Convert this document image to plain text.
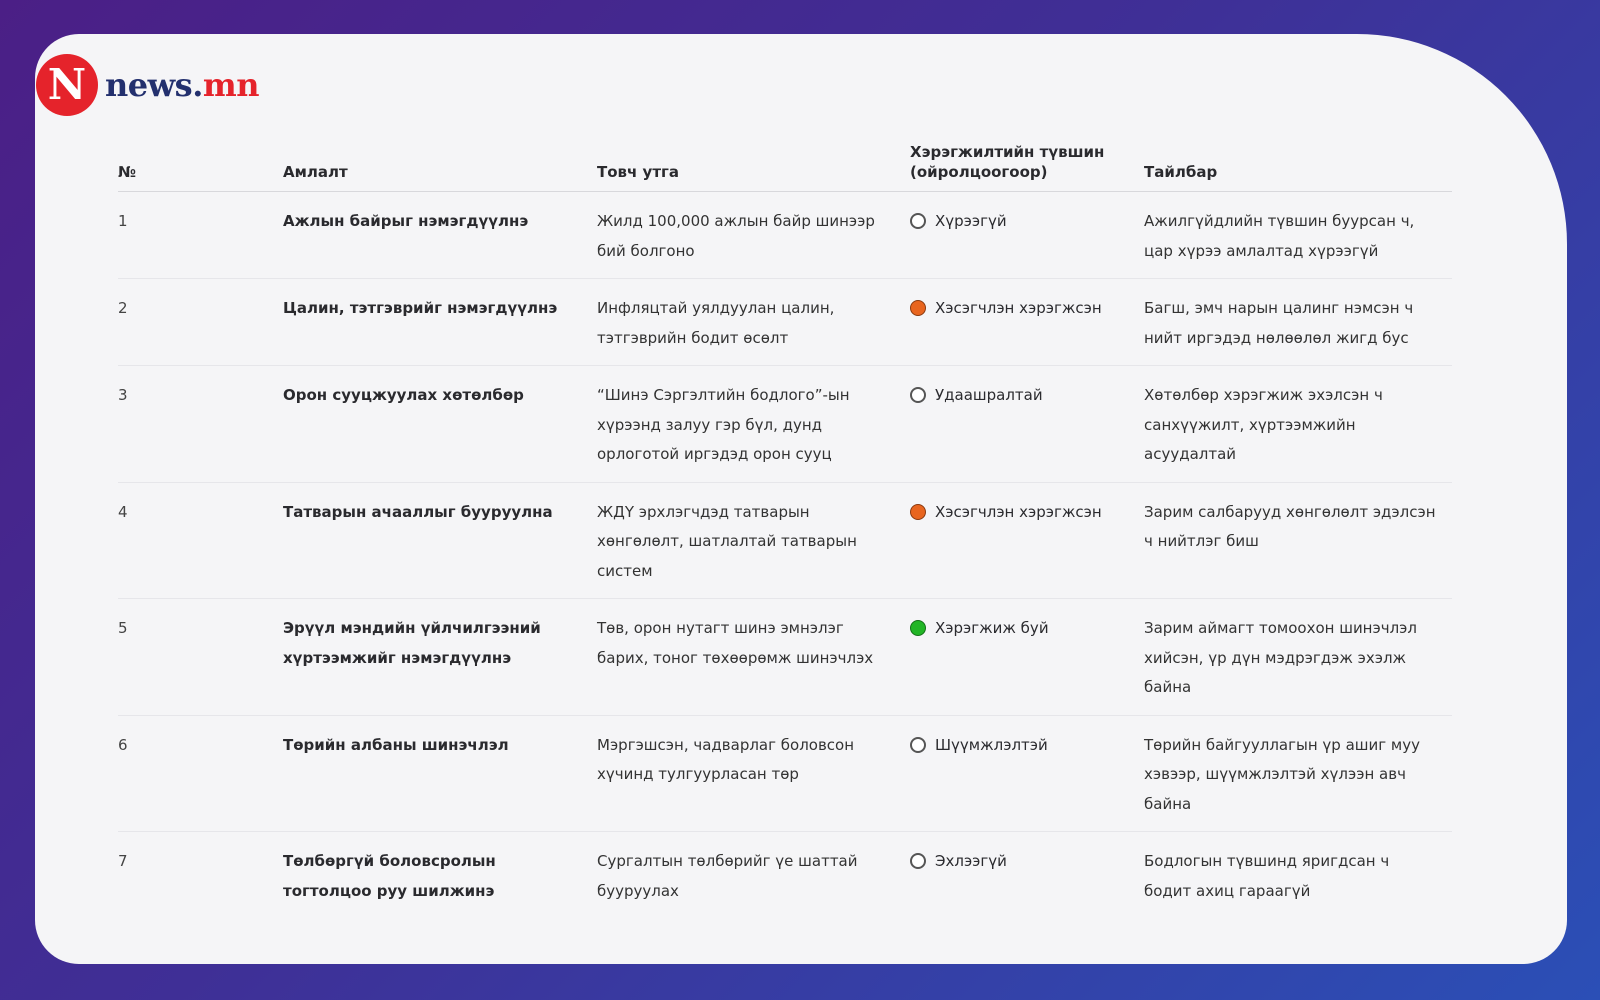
N news.mn
№	Амлалт	Товч утга	Хэрэгжилтийн түвшин (ойролцоогоор)	Тайлбар
1	Ажлын байрыг нэмэгдүүлнэ	Жилд 100,000 ажлын байр шинээр бий болгоно	Хүрээгүй	Ажилгүйдлийн түвшин буурсан ч, цар хүрээ амлалтад хүрээгүй
2	Цалин, тэтгэврийг нэмэгдүүлнэ	Инфляцтай уялдуулан цалин, тэтгэврийн бодит өсөлт	Хэсэгчлэн хэрэгжсэн	Багш, эмч нарын цалинг нэмсэн ч нийт иргэдэд нөлөөлөл жигд бус
3	Орон сууцжуулах хөтөлбөр	“Шинэ Сэргэлтийн бодлого”-ын хүрээнд залуу гэр бүл, дунд орлоготой иргэдэд орон сууц	Удаашралтай	Хөтөлбөр хэрэгжиж эхэлсэн ч санхүүжилт, хүртээмжийн асуудалтай
4	Татварын ачааллыг бууруулна	ЖДҮ эрхлэгчдэд татварын хөнгөлөлт, шатлалтай татварын систем	Хэсэгчлэн хэрэгжсэн	Зарим салбарууд хөнгөлөлт эдэлсэн ч нийтлэг биш
5	Эрүүл мэндийн үйлчилгээний хүртээмжийг нэмэгдүүлнэ	Төв, орон нутагт шинэ эмнэлэг барих, тоног төхөөрөмж шинэчлэх	Хэрэгжиж буй	Зарим аймагт томоохон шинэчлэл хийсэн, үр дүн мэдрэгдэж эхэлж байна
6	Төрийн албаны шинэчлэл	Мэргэшсэн, чадварлаг боловсон хүчинд тулгуурласан төр	Шүүмжлэлтэй	Төрийн байгууллагын үр ашиг муу хэвээр, шүүмжлэлтэй хүлээн авч байна
7	Төлбөргүй боловсролын тогтолцоо руу шилжинэ	Сургалтын төлбөрийг үе шаттай бууруулах	Эхлээгүй	Бодлогын түвшинд яригдсан ч бодит ахиц гараагүй
